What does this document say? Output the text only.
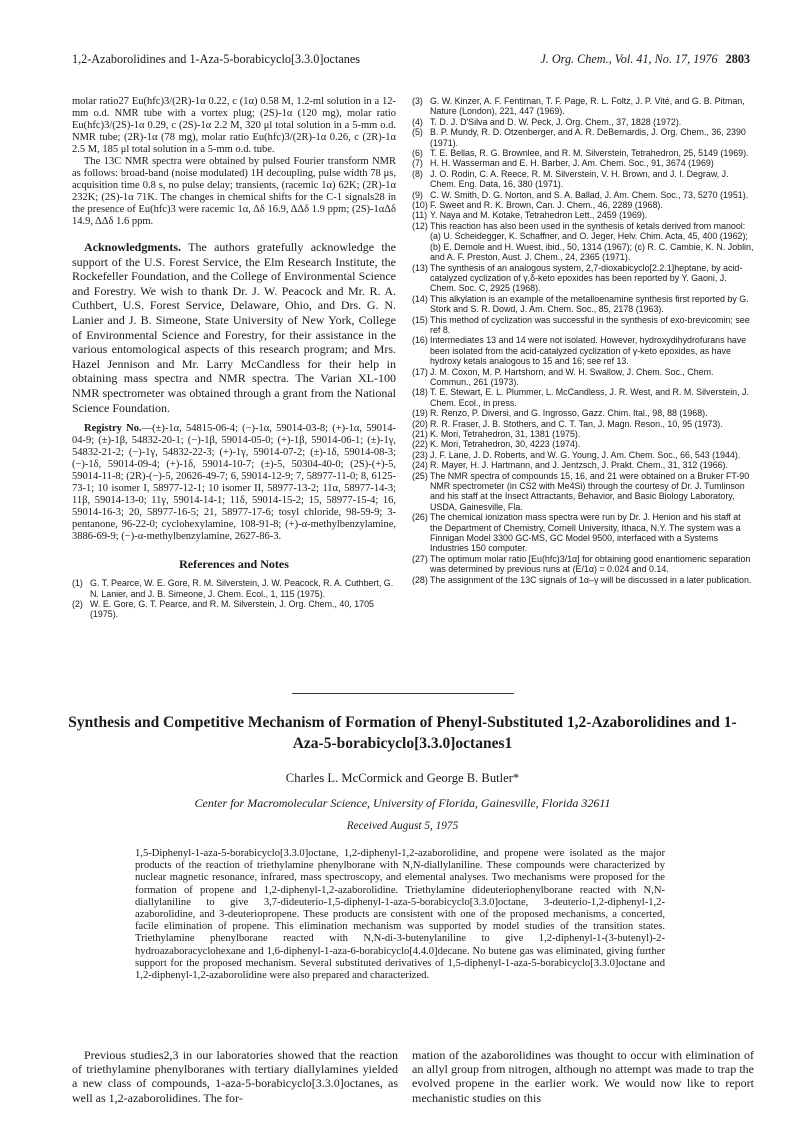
1,2-Azaborolidines and 1-Aza-5-borabicyclo[3.3.0]octanes	J. Org. Chem., Vol. 41, No. 17, 1976 2803

molar ratio27 Eu(hfc)3/(2R)-1α 0.22, c (1α) 0.58 M, 1.2-ml solution in a 12-mm o.d. NMR tube with a vortex plug; (2S)-1α (120 mg), molar ratio Eu(hfc)3/(2S)-1α 0.29, c (2S)-1α 2.2 M, 320 μl total solution in a 5-mm o.d. NMR tube; (2R)-1α (78 mg), molar ratio Eu(hfc)3/(2R)-1α 0.26, c (2R)-1α 2.5 M, 185 μl total solution in a 5-mm o.d. tube.

The 13C NMR spectra were obtained by pulsed Fourier transform NMR as follows: broad-band (noise modulated) 1H decoupling, pulse width 78 μs, acquisition time 0.8 s, no pulse delay; transients, (racemic 1α) 62K; (2R)-1α 232K; (2S)-1α 71K. The changes in chemical shifts for the C-1 signals28 in the presence of Eu(hfc)3 were racemic 1α, Δδ 16.9, ΔΔδ 1.9 ppm; (2S)-1αΔδ 14.9, ΔΔδ 1.6 ppm.

Acknowledgments. The authors gratefully acknowledge the support of the U.S. Forest Service, the Elm Research Institute, the Rockefeller Foundation, and the College of Environmental Science and Forestry. We wish to thank Dr. J. W. Peacock and Mr. R. A. Cuthbert, U.S. Forest Service, Delaware, Ohio, and Drs. G. N. Lanier and J. B. Simeone, State University of New York, College of Environmental Science and Forestry, for their assistance in the various entomological aspects of this research program; and Mrs. Hazel Jennison and Mr. Larry McCandless for their help in obtaining mass spectra and NMR spectra. The Varian XL-100 NMR spectrometer was obtained through a grant from the National Science Foundation.

Registry No.—(±)-1α, 54815-06-4; (−)-1α, 59014-03-8; (+)-1α, 59014-04-9; (±)-1β, 54832-20-1; (−)-1β, 59014-05-0; (+)-1β, 59014-06-1; (±)-1γ, 54832-21-2; (−)-1γ, 54832-22-3; (+)-1γ, 59014-07-2; (±)-1δ, 59014-08-3; (−)-1δ, 59014-09-4; (+)-1δ, 59014-10-7; (±)-5, 50304-40-0; (2S)-(+)-5, 59014-11-8; (2R)-(−)-5, 20626-49-7; 6, 59014-12-9; 7, 58977-11-0; 8, 6125-73-1; 10 isomer I, 58977-12-1; 10 isomer II, 58977-13-2; 11α, 58977-14-3; 11β, 59014-13-0; 11γ, 59014-14-1; 11δ, 59014-15-2; 15, 58977-15-4; 16, 59014-16-3; 20, 58977-16-5; 21, 58977-17-6; tosyl chloride, 98-59-9; 3-pentanone, 96-22-0; cyclohexylamine, 108-91-8; (+)-α-methylbenzylamine, 3886-69-9; (−)-α-methylbenzylamine, 2627-86-3.

References and Notes
(1) G. T. Pearce, W. E. Gore, R. M. Silverstein, J. W. Peacock, R. A. Cuthbert, G. N. Lanier, and J. B. Simeone, J. Chem. Ecol., 1, 115 (1975).
(2) W. E. Gore, G. T. Pearce, and R. M. Silverstein, J. Org. Chem., 40, 1705 (1975).
(3) G. W. Kinzer, A. F. Fentiman, T. F. Page, R. L. Foltz, J. P. Vité, and G. B. Pitman, Nature (London), 221, 447 (1969).
(4) T. D. J. D'Silva and D. W. Peck, J. Org. Chem., 37, 1828 (1972).
(5) B. P. Mundy, R. D. Otzenberger, and A. R. DeBernardis, J. Org. Chem., 36, 2390 (1971).
(6) T. E. Bellas, R. G. Brownlee, and R. M. Silverstein, Tetrahedron, 25, 5149 (1969).
(7) H. H. Wasserman and E. H. Barber, J. Am. Chem. Soc., 91, 3674 (1969)
(8) J. O. Rodin, C. A. Reece, R. M. Silverstein, V. H. Brown, and J. I. Degraw, J. Chem. Eng. Data, 16, 380 (1971).
(9) C. W. Smith, D. G. Norton, and S. A. Ballad, J. Am. Chem. Soc., 73, 5270 (1951).
(10) F. Sweet and R. K. Brown, Can. J. Chem., 46, 2289 (1968).
(11) Y. Naya and M. Kotake, Tetrahedron Lett., 2459 (1969).
(12) This reaction has also been used in the synthesis of ketals derived from manool: (a) U. Scheidegger, K. Schaffner, and O. Jeger, Helv. Chim. Acta, 45, 400 (1962); (b) E. Demole and H. Wuest, ibid., 50, 1314 (1967); (c) R. C. Cambie, K. N. Joblin, and A. F. Preston, Aust. J. Chem., 24, 2365 (1971).
(13) The synthesis of an analogous system, 2,7-dioxabicyclo[2.2.1]heptane, by acid-catalyzed cyclization of γ,δ-keto epoxides has been reported by Y. Gaoni, J. Chem. Soc. C, 2925 (1968).
(14) This alkylation is an example of the metalloenamine synthesis first reported by G. Stork and S. R. Dowd, J. Am. Chem. Soc., 85, 2178 (1963).
(15) This method of cyclization was successful in the synthesis of exo-brevicomin; see ref 8.
(16) Intermediates 13 and 14 were not isolated. However, hydroxydihydrofurans have been isolated from the acid-catalyzed cyclization of γ-keto epoxides, as have hydroxy ketals analogous to 15 and 16; see ref 13.
(17) J. M. Coxon, M. P. Hartshorn, and W. H. Swallow, J. Chem. Soc., Chem. Commun., 261 (1973).
(18) T. E. Stewart, E. L. Plummer, L. McCandless, J. R. West, and R. M. Silverstein, J. Chem. Ecol., in press.
(19) R. Renzo, P. Diversi, and G. Ingrosso, Gazz. Chim. Ital., 98, 88 (1968).
(20) R. R. Fraser, J. B. Stothers, and C. T. Tan, J. Magn. Reson., 10, 95 (1973).
(21) K. Mori, Tetrahedron, 31, 1381 (1975).
(22) K. Mori, Tetrahedron, 30, 4223 (1974).
(23) J. F. Lane, J. D. Roberts, and W. G. Young, J. Am. Chem. Soc., 66, 543 (1944).
(24) R. Mayer, H. J. Hartmann, and J. Jentzsch, J. Prakt. Chem., 31, 312 (1966).
(25) The NMR spectra of compounds 15, 16, and 21 were obtained on a Bruker FT-90 NMR spectrometer (in CS2 with Me4Si) through the courtesy of Dr. J. Tumlinson and his staff at the Insect Attractants, Behavior, and Basic Biology Laboratory, USDA, Gainesville, Fla.
(26) The chemical ionization mass spectra were run by Dr. J. Henion and his staff at the Department of Chemistry, Cornell University, Ithaca, N.Y. The system was a Finnigan Model 3300 GC-MS, GC Model 9500, interfaced with a Systems Industries 150 computer.
(27) The optimum molar ratio [Eu(hfc)3/1α] for obtaining good enantiomeric separation was determined by previous runs at (E/1α) = 0.024 and 0.14.
(28) The assignment of the 13C signals of 1α–γ will be discussed in a later publication.
Synthesis and Competitive Mechanism of Formation of Phenyl-Substituted 1,2-Azaborolidines and 1-Aza-5-borabicyclo[3.3.0]octanes1
Charles L. McCormick and George B. Butler*
Center for Macromolecular Science, University of Florida, Gainesville, Florida 32611
Received August 5, 1975

1,5-Diphenyl-1-aza-5-borabicyclo[3.3.0]octane, 1,2-diphenyl-1,2-azaborolidine, and propene were isolated as the major products of the reaction of triethylamine phenylborane with N,N-diallylaniline. These compounds were characterized by nuclear magnetic resonance, infrared, mass spectroscopy, and elemental analyses. Two mechanisms were proposed for the formation of propene and 1,2-diphenyl-1,2-azaborolidine. Triethylamine dideuteriophenylborane reacted with N,N-diallylaniline to give 3,7-dideuterio-1,5-diphenyl-1-aza-5-borabicyclo[3.3.0]octane, 3-deuterio-1,2-diphenyl-1,2-azaborolidine, and 3-deuteriopropene. These products are consistent with one of the proposed mechanisms, a concerted, facile elimination of propene. This elimination mechanism was supported by model studies of the transition states. Triethylamine phenylborane reacted with N,N-di-3-butenylaniline to give 1,2-diphenyl-1-(3-butenyl)-2-hydroazaboracyclohexane and 1,6-diphenyl-1-aza-6-borabicyclo[4.4.0]decane. No butene gas was eliminated, giving further support for the proposed mechanism. Several substituted derivatives of 1,5-diphenyl-1-aza-5-borabicyclo[3.3.0]octane and 1,2-diphenyl-1,2-azaborolidine were also prepared and characterized.

Previous studies2,3 in our laboratories showed that the reaction of triethylamine phenylboranes with tertiary diallylamines yielded a new class of compounds, 1-aza-5-borabicyclo[3.3.0]octanes, as well as 1,2-azaborolidines. The for-

mation of the azaborolidines was thought to occur with elimination of an allyl group from nitrogen, although no attempt was made to trap the evolved propene in the earlier work. We would now like to report mechanistic studies on this
